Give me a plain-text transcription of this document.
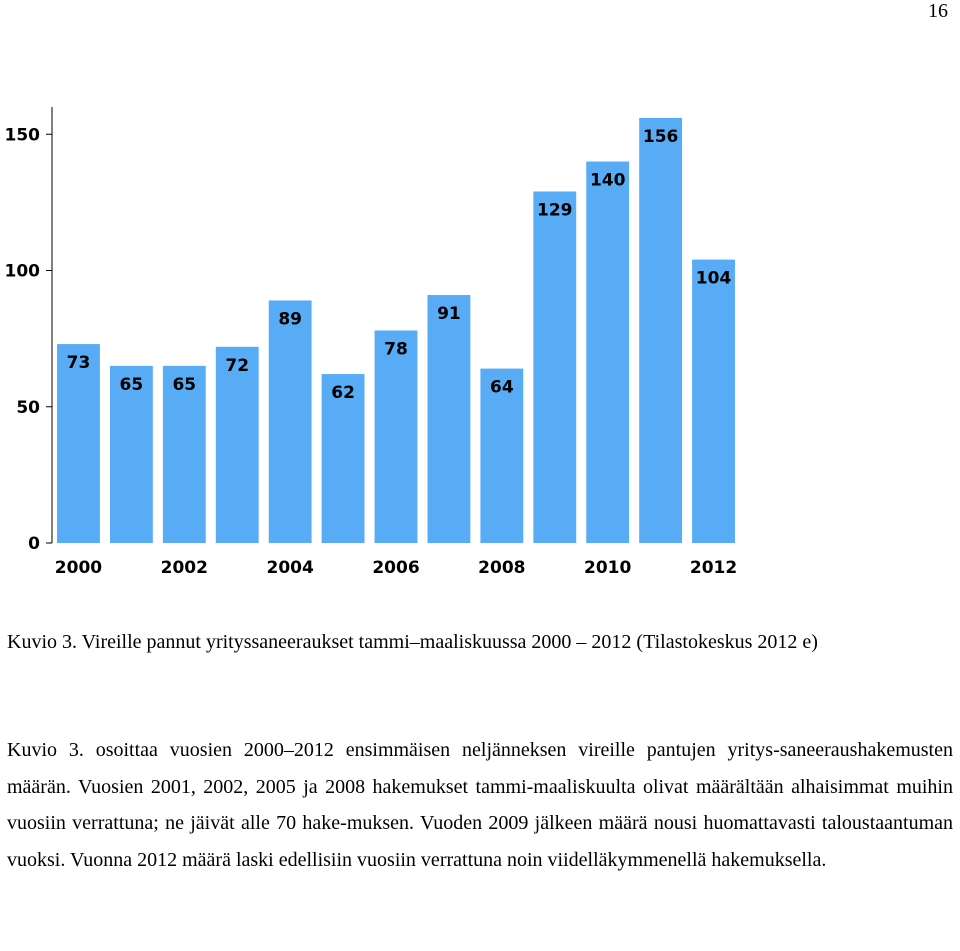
16
0
50
100
150
73
65 65
72
89
62
78
91
64
129
140
156
104
2000	2002	2004	2006	2008	2010	2012
Kuvio 3. Vireille pannut yrityssaneeraukset tammi–maaliskuussa 2000 – 2012 (Tilastokeskus 2012 e)
Kuvio 3. osoittaa vuosien 2000–2012 ensimmäisen neljänneksen vireille pantujen yritys-saneeraushakemusten määrän. Vuosien 2001, 2002, 2005 ja 2008 hakemukset tammi-maaliskuulta olivat määrältään alhaisimmat muihin vuosiin verrattuna; ne jäivät alle 70 hake-muksen. Vuoden 2009 jälkeen määrä nousi huomattavasti taloustaantuman vuoksi. Vuonna 2012 määrä laski edellisiin vuosiin verrattuna noin viidelläkymmenellä hakemuksella.
